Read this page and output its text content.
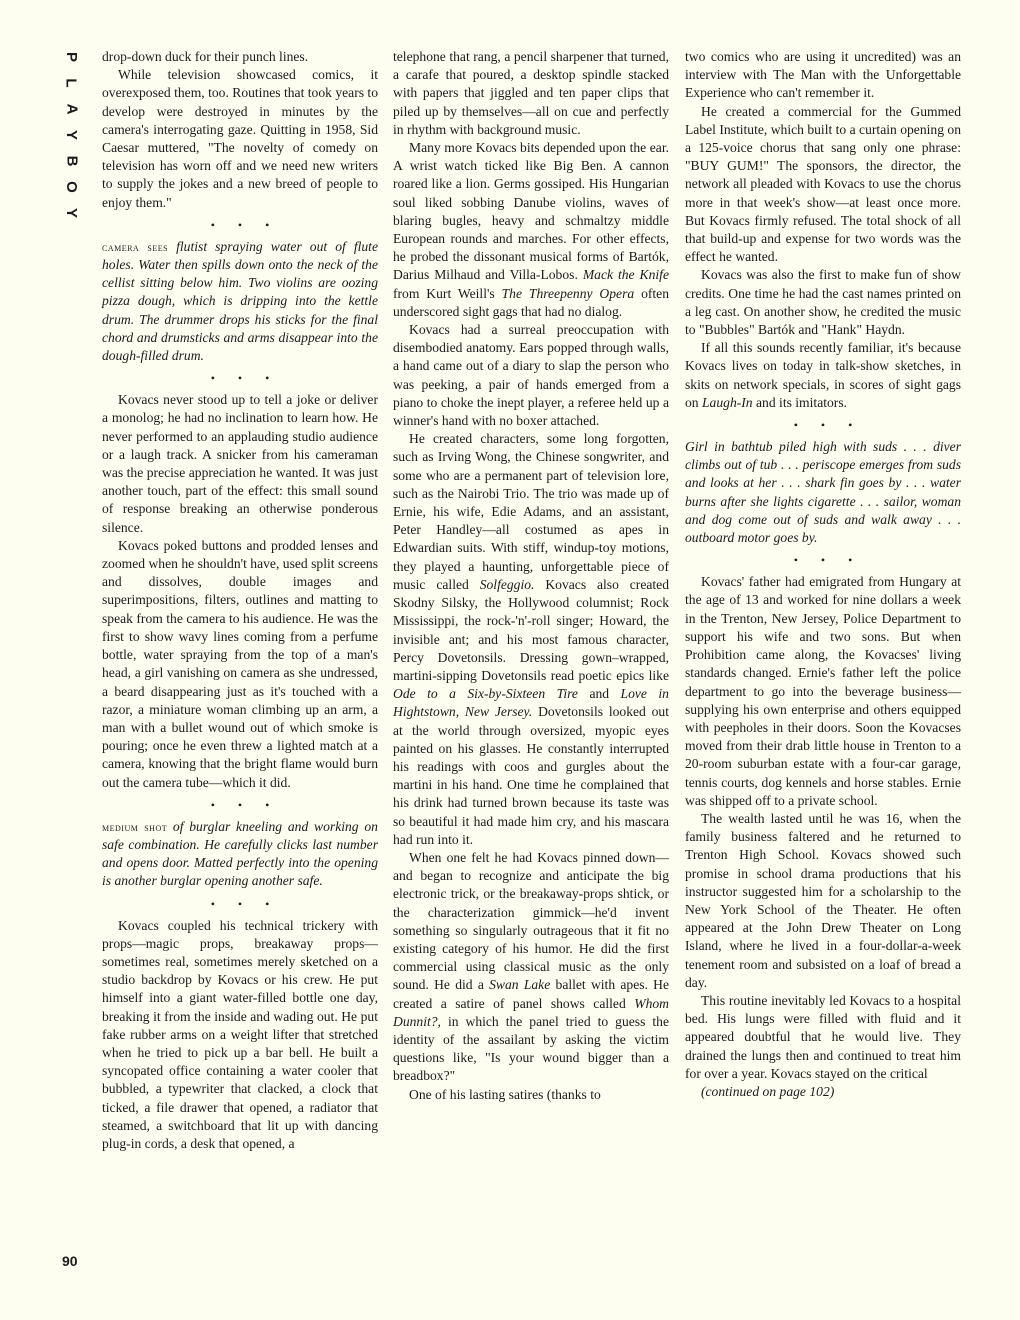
P
L
A
Y
B
O
Y
90

drop-down duck for their punch lines.

While television showcased comics, it overexposed them, too. Routines that took years to develop were destroyed in minutes by the camera's interrogating gaze. Quitting in 1958, Sid Caesar muttered, "The novelty of comedy on television has worn off and we need new writers to supply the jokes and a new breed of people to enjoy them."

• • •

camera sees flutist spraying water out of flute holes. Water then spills down onto the neck of the cellist sitting below him. Two violins are oozing pizza dough, which is dripping into the kettle drum. The drummer drops his sticks for the final chord and drumsticks and arms disappear into the dough-filled drum.

• • •

Kovacs never stood up to tell a joke or deliver a monolog; he had no inclination to learn how. He never performed to an applauding studio audience or a laugh track. A snicker from his cameraman was the precise appreciation he wanted. It was just another touch, part of the effect: this small sound of response breaking an otherwise ponderous silence.

Kovacs poked buttons and prodded lenses and zoomed when he shouldn't have, used split screens and dissolves, double images and superimpositions, filters, outlines and matting to speak from the camera to his audience. He was the first to show wavy lines coming from a perfume bottle, water spraying from the top of a man's head, a girl vanishing on camera as she undressed, a beard disappearing just as it's touched with a razor, a miniature woman climbing up an arm, a man with a bullet wound out of which smoke is pouring; once he even threw a lighted match at a camera, knowing that the bright flame would burn out the camera tube—which it did.

• • •

medium shot of burglar kneeling and working on safe combination. He carefully clicks last number and opens door. Matted perfectly into the opening is another burglar opening another safe.

• • •

Kovacs coupled his technical trickery with props—magic props, breakaway props—sometimes real, sometimes merely sketched on a studio backdrop by Kovacs or his crew. He put himself into a giant water-filled bottle one day, breaking it from the inside and wading out. He put fake rubber arms on a weight lifter that stretched when he tried to pick up a bar bell. He built a syncopated office containing a water cooler that bubbled, a typewriter that clacked, a clock that ticked, a file drawer that opened, a radiator that steamed, a switchboard that lit up with dancing plug-in cords, a desk that opened, a

telephone that rang, a pencil sharpener that turned, a carafe that poured, a desktop spindle stacked with papers that jiggled and ten paper clips that piled up by themselves—all on cue and perfectly in rhythm with background music.

Many more Kovacs bits depended upon the ear. A wrist watch ticked like Big Ben. A cannon roared like a lion. Germs gossiped. His Hungarian soul liked sobbing Danube violins, waves of blaring bugles, heavy and schmaltzy middle European rounds and marches. For other effects, he probed the dissonant musical forms of Bartók, Darius Milhaud and Villa-Lobos. Mack the Knife from Kurt Weill's The Threepenny Opera often underscored sight gags that had no dialog.

Kovacs had a surreal preoccupation with disembodied anatomy. Ears popped through walls, a hand came out of a diary to slap the person who was peeking, a pair of hands emerged from a piano to choke the inept player, a referee held up a winner's hand with no boxer attached.

He created characters, some long forgotten, such as Irving Wong, the Chinese songwriter, and some who are a permanent part of television lore, such as the Nairobi Trio. The trio was made up of Ernie, his wife, Edie Adams, and an assistant, Peter Handley—all costumed as apes in Edwardian suits. With stiff, windup-toy motions, they played a haunting, unforgettable piece of music called Solfeggio. Kovacs also created Skodny Silsky, the Hollywood columnist; Rock Mississippi, the rock-'n'-roll singer; Howard, the invisible ant; and his most famous character, Percy Dovetonsils. Dressing gown–wrapped, martini-sipping Dovetonsils read poetic epics like Ode to a Six-by-Sixteen Tire and Love in Hightstown, New Jersey. Dovetonsils looked out at the world through oversized, myopic eyes painted on his glasses. He constantly interrupted his readings with coos and gurgles about the martini in his hand. One time he complained that his drink had turned brown because its taste was so beautiful it had made him cry, and his mascara had run into it.

When one felt he had Kovacs pinned down—and began to recognize and anticipate the big electronic trick, or the breakaway-props shtick, or the characterization gimmick—he'd invent something so singularly outrageous that it fit no existing category of his humor. He did the first commercial using classical music as the only sound. He did a Swan Lake ballet with apes. He created a satire of panel shows called Whom Dunnit?, in which the panel tried to guess the identity of the assailant by asking the victim questions like, "Is your wound bigger than a breadbox?"

One of his lasting satires (thanks to

two comics who are using it uncredited) was an interview with The Man with the Unforgettable Experience who can't remember it.

He created a commercial for the Gummed Label Institute, which built to a curtain opening on a 125-voice chorus that sang only one phrase: "BUY GUM!" The sponsors, the director, the network all pleaded with Kovacs to use the chorus more in that week's show—at least once more. But Kovacs firmly refused. The total shock of all that build-up and expense for two words was the effect he wanted.

Kovacs was also the first to make fun of show credits. One time he had the cast names printed on a leg cast. On another show, he credited the music to "Bubbles" Bartók and "Hank" Haydn.

If all this sounds recently familiar, it's because Kovacs lives on today in talk-show sketches, in skits on network specials, in scores of sight gags on Laugh-In and its imitators.

• • •

Girl in bathtub piled high with suds . . . diver climbs out of tub . . . periscope emerges from suds and looks at her . . . shark fin goes by . . . water burns after she lights cigarette . . . sailor, woman and dog come out of suds and walk away . . . outboard motor goes by.

• • •

Kovacs' father had emigrated from Hungary at the age of 13 and worked for nine dollars a week in the Trenton, New Jersey, Police Department to support his wife and two sons. But when Prohibition came along, the Kovacses' living standards changed. Ernie's father left the police department to go into the beverage business—supplying his own enterprise and others equipped with peepholes in their doors. Soon the Kovacses moved from their drab little house in Trenton to a 20-room suburban estate with a four-car garage, tennis courts, dog kennels and horse stables. Ernie was shipped off to a private school.

The wealth lasted until he was 16, when the family business faltered and he returned to Trenton High School. Kovacs showed such promise in school drama productions that his instructor suggested him for a scholarship to the New York School of the Theater. He often appeared at the John Drew Theater on Long Island, where he lived in a four-dollar-a-week tenement room and subsisted on a loaf of bread a day.

This routine inevitably led Kovacs to a hospital bed. His lungs were filled with fluid and it appeared doubtful that he would live. They drained the lungs then and continued to treat him for over a year. Kovacs stayed on the critical

(continued on page 102)
